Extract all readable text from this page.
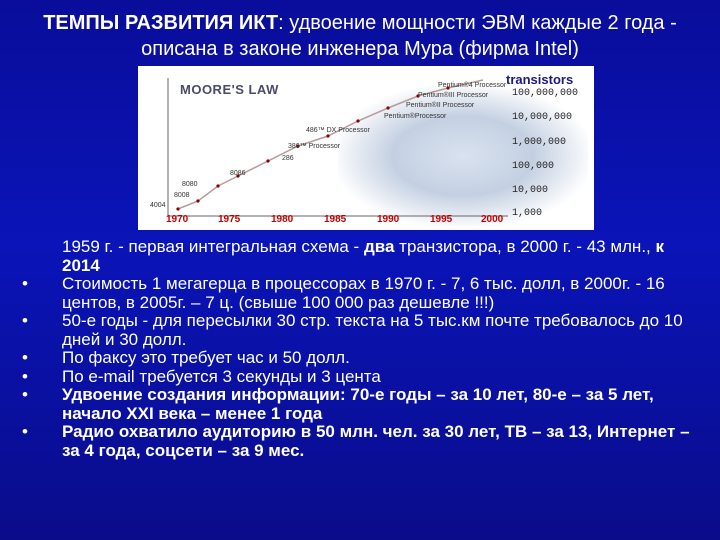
ТЕМПЫ РАЗВИТИЯ ИКТ: удвоение мощности ЭВМ каждые 2 года -
описана в законе инженера Мура (фирма Intel)
MOORE'S LAW
transistors
100,000,000
10,000,000
1,000,000
100,000
10,000
1,000
1970	1975	1980	1985	1990	1995	2000
Pentium®4 Processor
Pentium®III Processor
Pentium®II Processor
Pentium®Processor
486™ DX Processor
386™ Processor
286
8086
8080
8008
4004
1959 г. - первая интегральная схема - два транзистора, в 2000 г. - 43 млн., к 2014
• Стоимость 1 мегагерца в процессорах в 1970 г. - 7, 6 тыс. долл, в 2000г. - 16 центов, в 2005г. – 7 ц. (свыше 100 000 раз дешевле !!!)
• 50-е годы - для пересылки 30 стр. текста на 5 тыс.км почте требовалось до 10 дней и 30 долл.
• По факсу это требует час и 50 долл.
• По e-mail требуется 3 секунды и 3 цента
• Удвоение создания информации: 70-е годы – за 10 лет, 80-е – за 5 лет, начало XXI века – менее 1 года
• Радио охватило аудиторию в 50 млн. чел. за 30 лет, ТВ – за 13, Интернет – за 4 года, соцсети – за 9 мес.
